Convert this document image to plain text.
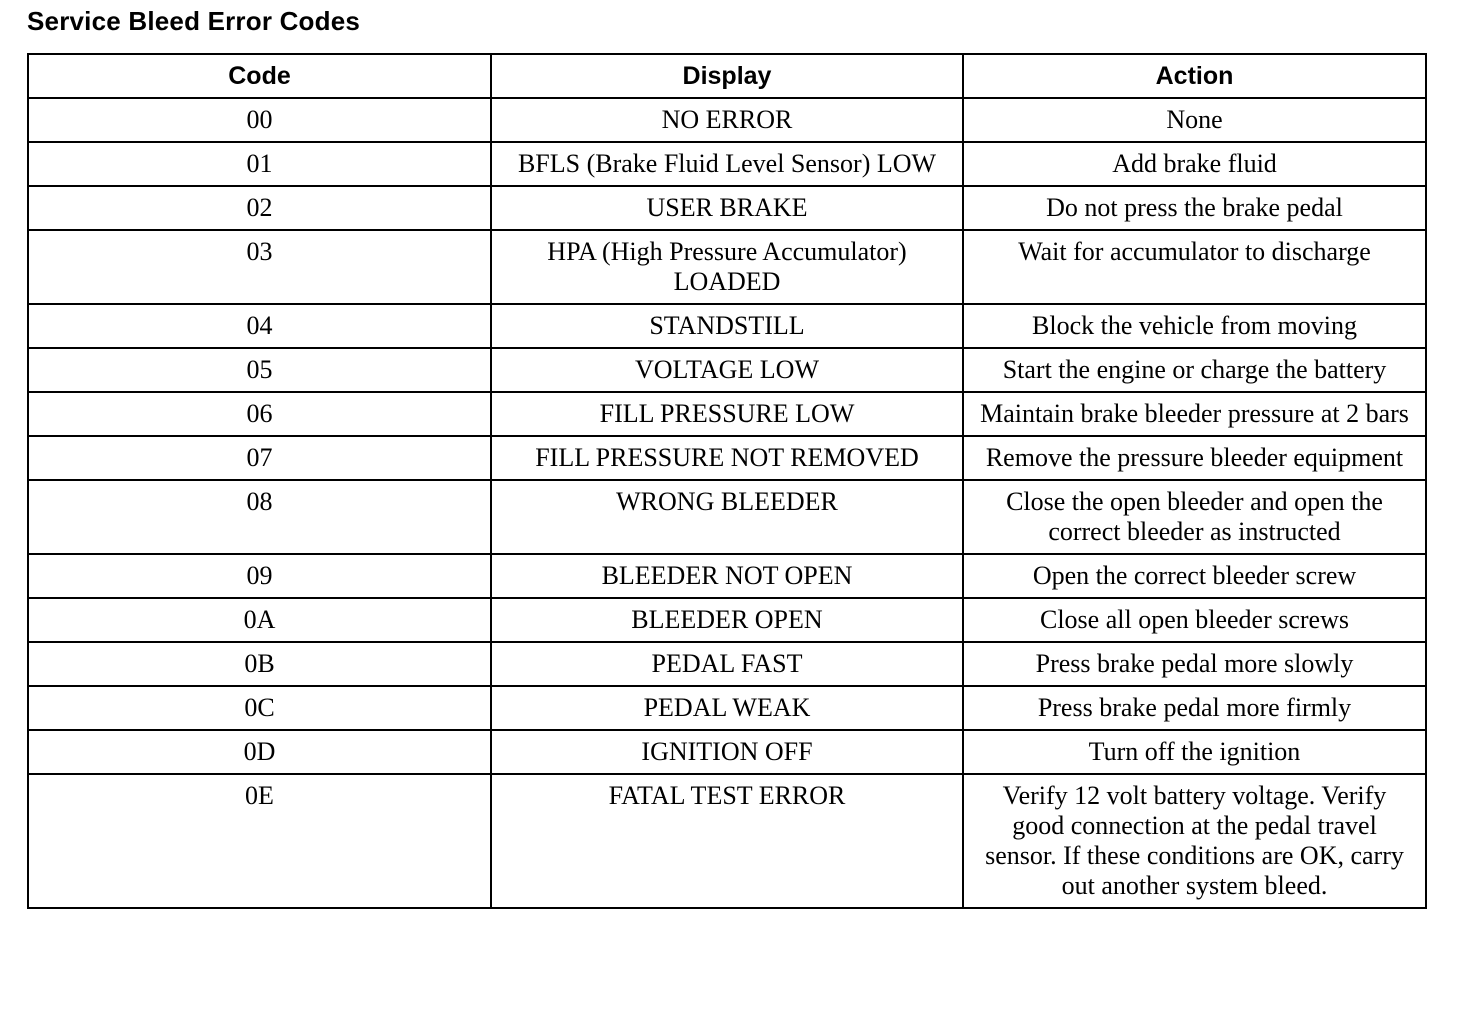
Service Bleed Error Codes
Code	Display	Action
00	NO ERROR	None
01	BFLS (Brake Fluid Level Sensor) LOW	Add brake fluid
02	USER BRAKE	Do not press the brake pedal
03	HPA (High Pressure Accumulator) LOADED	Wait for accumulator to discharge
04	STANDSTILL	Block the vehicle from moving
05	VOLTAGE LOW	Start the engine or charge the battery
06	FILL PRESSURE LOW	Maintain brake bleeder pressure at 2 bars
07	FILL PRESSURE NOT REMOVED	Remove the pressure bleeder equipment
08	WRONG BLEEDER	Close the open bleeder and open the correct bleeder as instructed
09	BLEEDER NOT OPEN	Open the correct bleeder screw
0A	BLEEDER OPEN	Close all open bleeder screws
0B	PEDAL FAST	Press brake pedal more slowly
0C	PEDAL WEAK	Press brake pedal more firmly
0D	IGNITION OFF	Turn off the ignition
0E	FATAL TEST ERROR	Verify 12 volt battery voltage. Verify good connection at the pedal travel sensor. If these conditions are OK, carry out another system bleed.
